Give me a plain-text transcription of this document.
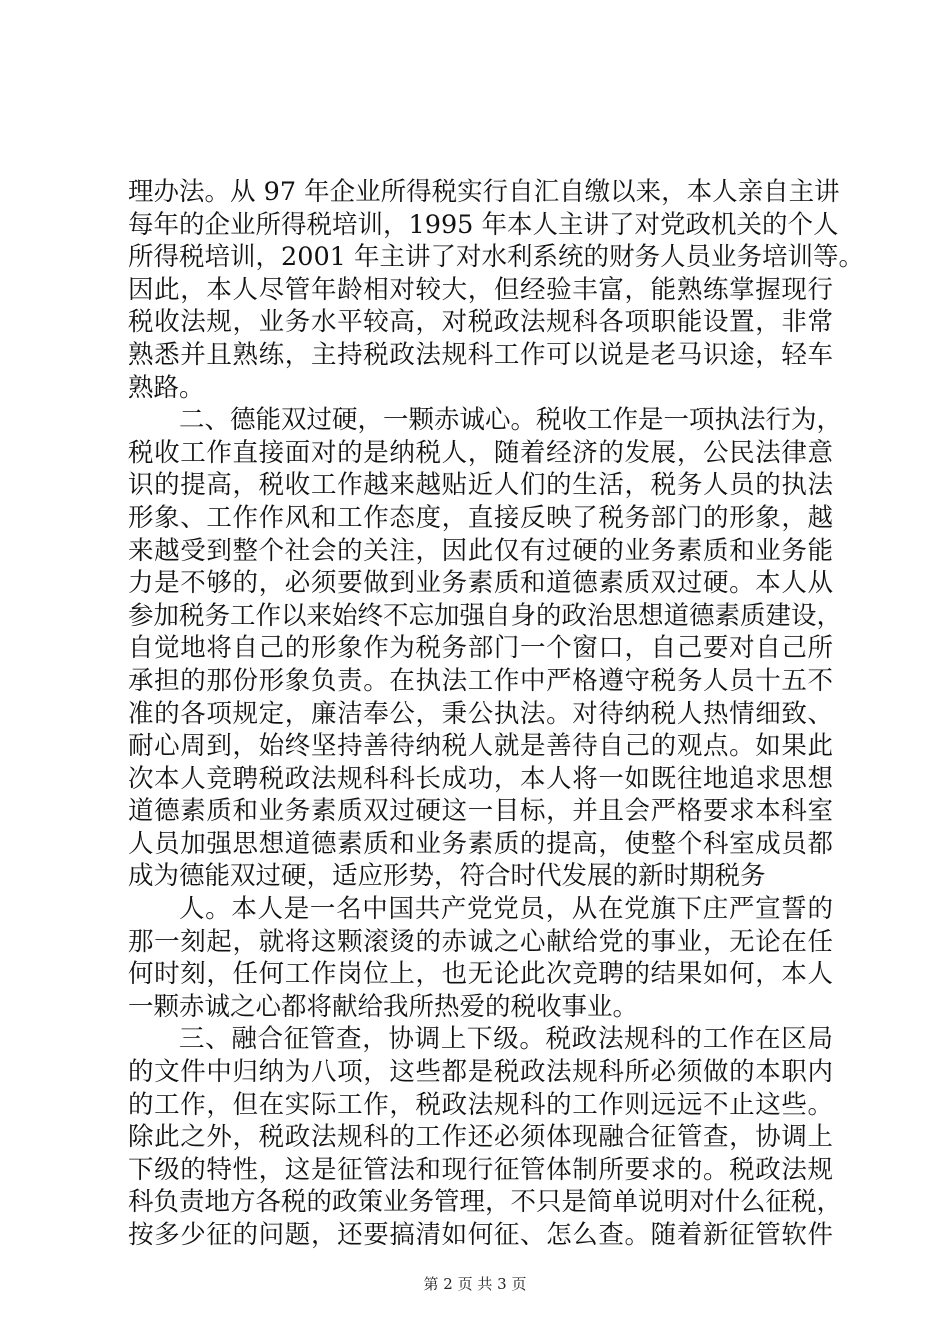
理办法。从 97 年企业所得税实行自汇自缴以来，本人亲自主讲
每年的企业所得税培训，1995 年本人主讲了对党政机关的个人
所得税培训，2001 年主讲了对水利系统的财务人员业务培训等。
因此，本人尽管年龄相对较大，但经验丰富，能熟练掌握现行
税收法规，业务水平较高，对税政法规科各项职能设置，非常
熟悉并且熟练，主持税政法规科工作可以说是老马识途，轻车
熟路。
二、德能双过硬，一颗赤诚心。税收工作是一项执法行为，
税收工作直接面对的是纳税人，随着经济的发展，公民法律意
识的提高，税收工作越来越贴近人们的生活，税务人员的执法
形象、工作作风和工作态度，直接反映了税务部门的形象，越
来越受到整个社会的关注，因此仅有过硬的业务素质和业务能
力是不够的，必须要做到业务素质和道德素质双过硬。本人从
参加税务工作以来始终不忘加强自身的政治思想道德素质建设，
自觉地将自己的形象作为税务部门一个窗口，自己要对自己所
承担的那份形象负责。在执法工作中严格遵守税务人员十五不
准的各项规定，廉洁奉公，秉公执法。对待纳税人热情细致、
耐心周到，始终坚持善待纳税人就是善待自己的观点。如果此
次本人竞聘税政法规科科长成功，本人将一如既往地追求思想
道德素质和业务素质双过硬这一目标，并且会严格要求本科室
人员加强思想道德素质和业务素质的提高，使整个科室成员都
成为德能双过硬，适应形势，符合时代发展的新时期税务
人。本人是一名中国共产党党员，从在党旗下庄严宣誓的
那一刻起，就将这颗滚烫的赤诚之心献给党的事业，无论在任
何时刻，任何工作岗位上，也无论此次竞聘的结果如何，本人
一颗赤诚之心都将献给我所热爱的税收事业。
三、融合征管查，协调上下级。税政法规科的工作在区局
的文件中归纳为八项，这些都是税政法规科所必须做的本职内
的工作，但在实际工作，税政法规科的工作则远远不止这些。
除此之外，税政法规科的工作还必须体现融合征管查，协调上
下级的特性，这是征管法和现行征管体制所要求的。税政法规
科负责地方各税的政策业务管理，不只是简单说明对什么征税，
按多少征的问题，还要搞清如何征、怎么查。随着新征管软件
第 2 页 共 3 页
